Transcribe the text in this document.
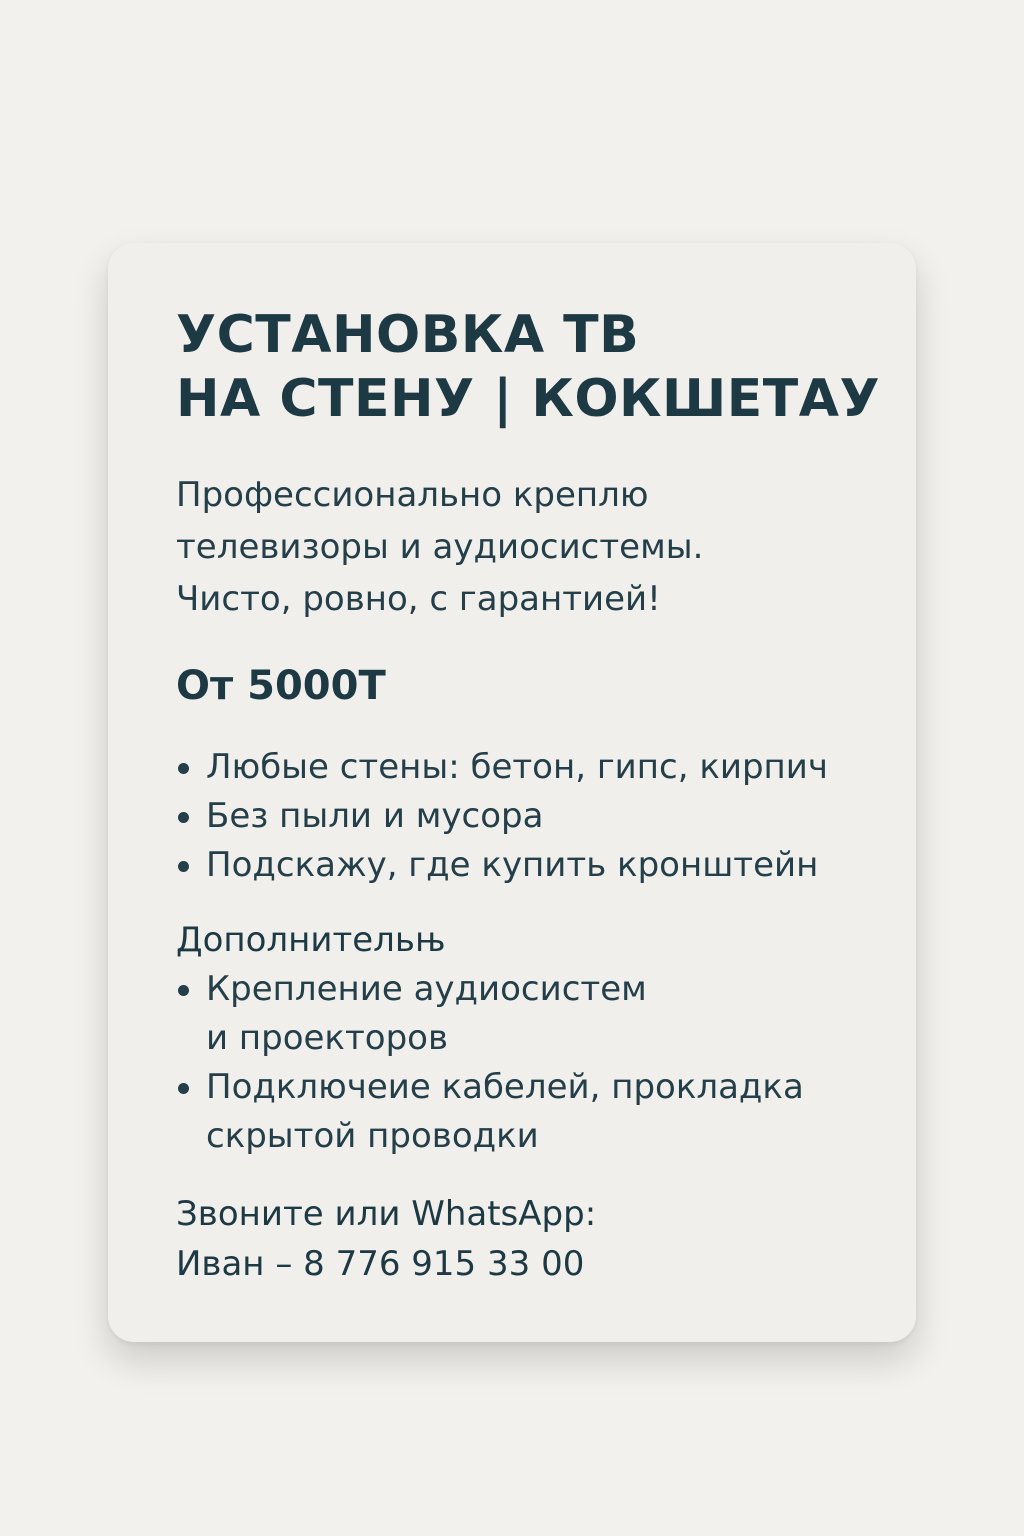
УСТАНОВКА ТВ
НА СТЕНУ | КОКШЕТАУ
Профессионально креплю
телевизоры и аудиосистемы.
Чисто, ровно, с гарантией!
От 5000Т
Любые стены: бетон, гипс, кирпич
Без пыли и мусора
Подскажу, где купить кронштейн
Дополнительњ
Крепление аудиосистем
и проекторов
Подключеие кабелей, прокладка
скрытой проводки
Звоните или WhatsApp:
Иван – 8 776 915 33 00
